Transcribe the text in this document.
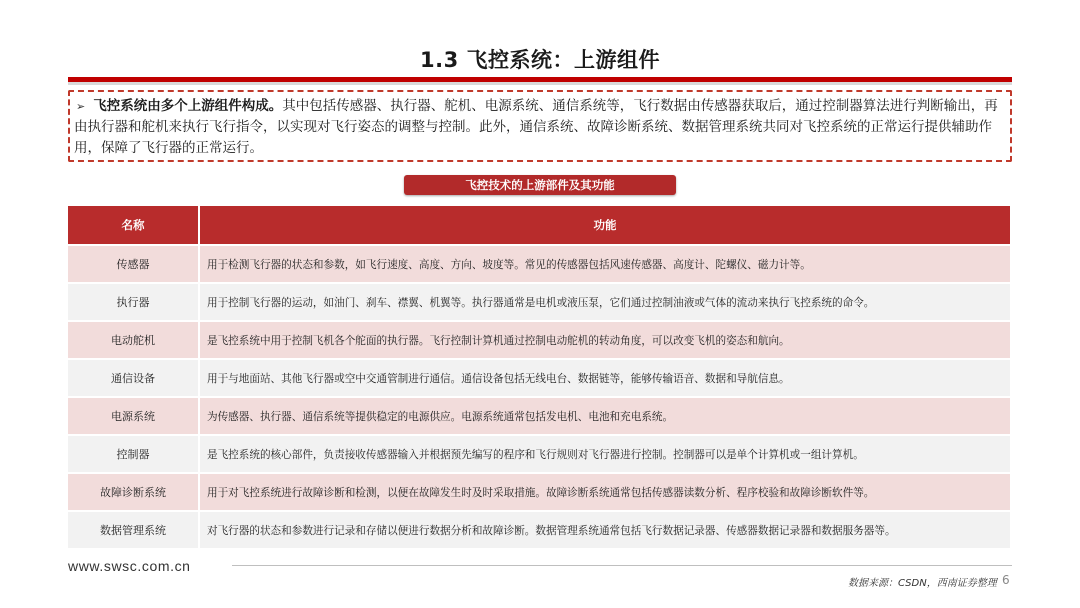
1.3 飞控系统：上游组件
➢ 飞控系统由多个上游组件构成。其中包括传感器、执行器、舵机、电源系统、通信系统等，飞行数据由传感器获取后，通过控制器算法进行判断输出，再由执行器和舵机来执行飞行指令，以实现对飞行姿态的调整与控制。此外，通信系统、故障诊断系统、数据管理系统共同对飞控系统的正常运行提供辅助作用，保障了飞行器的正常运行。
飞控技术的上游部件及其功能
名称	功能
传感器	用于检测飞行器的状态和参数，如飞行速度、高度、方向、坡度等。常见的传感器包括风速传感器、高度计、陀螺仪、磁力计等。
执行器	用于控制飞行器的运动，如油门、刹车、襟翼、机翼等。执行器通常是电机或液压泵，它们通过控制油液或气体的流动来执行飞控系统的命令。
电动舵机	是飞控系统中用于控制飞机各个舵面的执行器。飞行控制计算机通过控制电动舵机的转动角度，可以改变飞机的姿态和航向。
通信设备	用于与地面站、其他飞行器或空中交通管制进行通信。通信设备包括无线电台、数据链等，能够传输语音、数据和导航信息。
电源系统	为传感器、执行器、通信系统等提供稳定的电源供应。电源系统通常包括发电机、电池和充电系统。
控制器	是飞控系统的核心部件，负责接收传感器输入并根据预先编写的程序和飞行规则对飞行器进行控制。控制器可以是单个计算机或一组计算机。
故障诊断系统	用于对飞控系统进行故障诊断和检测，以便在故障发生时及时采取措施。故障诊断系统通常包括传感器读数分析、程序校验和故障诊断软件等。
数据管理系统	对飞行器的状态和参数进行记录和存储以便进行数据分析和故障诊断。数据管理系统通常包括飞行数据记录器、传感器数据记录器和数据服务器等。
www.swsc.com.cn
数据来源：CSDN，西南证券整理 6
